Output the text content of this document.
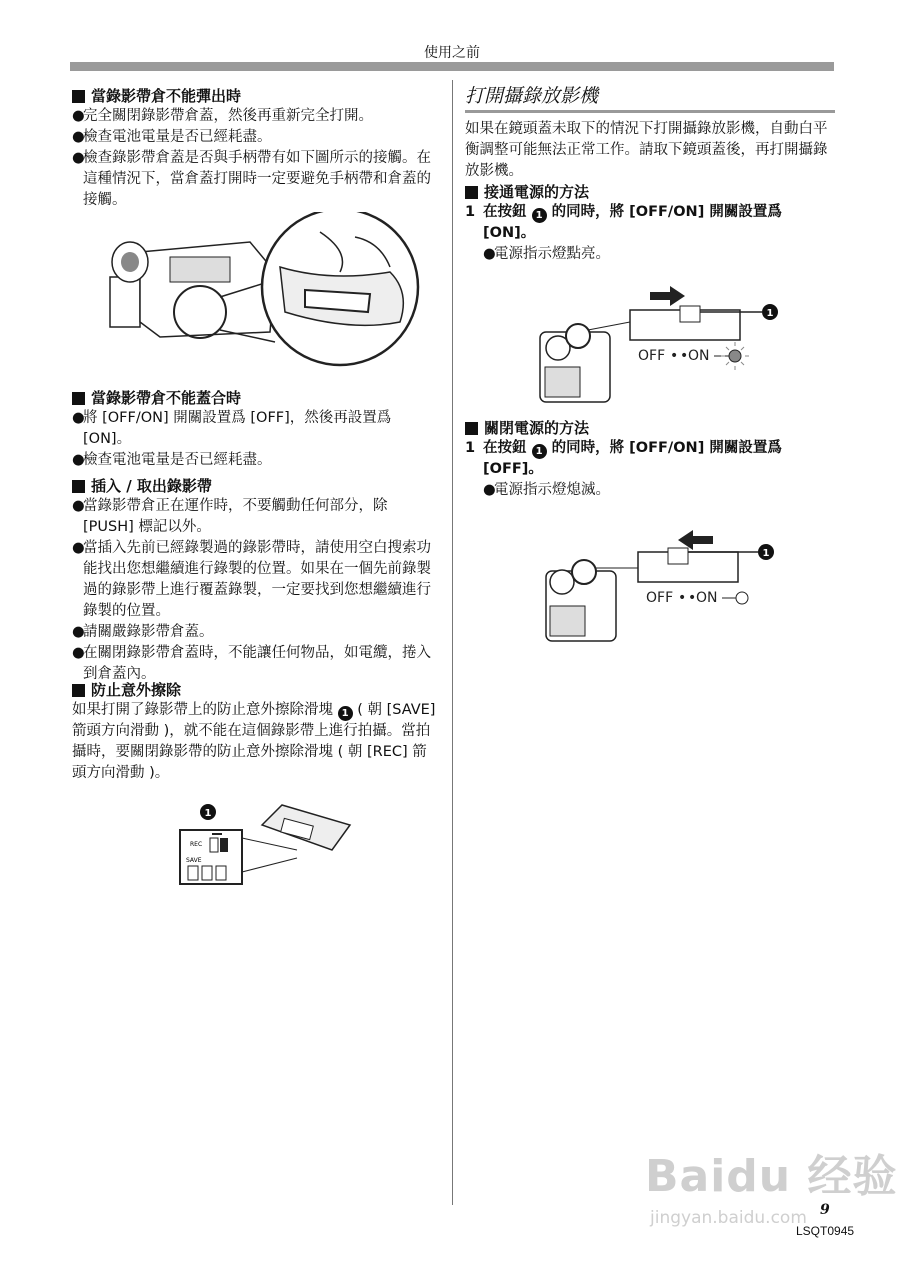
使用之前
當錄影帶倉不能彈出時
●
完全關閉錄影帶倉蓋，然後再重新完全打開。
●
檢查電池電量是否已經耗盡。
●
檢查錄影帶倉蓋是否與手柄帶有如下圖所示的接觸。在這種情況下，當倉蓋打開時一定要避免手柄帶和倉蓋的接觸。
當錄影帶倉不能蓋合時
●
將 [OFF/ON] 開關設置爲 [OFF]，然後再設置爲 [ON]。
●
檢查電池電量是否已經耗盡。
插入 / 取出錄影帶
●
當錄影帶倉正在運作時，不要觸動任何部分，除 [PUSH] 標記以外。
●
當插入先前已經錄製過的錄影帶時，請使用空白搜索功能找出您想繼續進行錄製的位置。如果在一個先前錄製過的錄影帶上進行覆蓋錄製，一定要找到您想繼續進行錄製的位置。
●
請關嚴錄影帶倉蓋。
●
在關閉錄影帶倉蓋時，不能讓任何物品，如電纜，捲入到倉蓋內。
防止意外擦除

如果打開了錄影帶上的防止意外擦除滑塊 1 ( 朝 [SAVE] 箭頭方向滑動 )，就不能在這個錄影帶上進行拍攝。當拍攝時，要關閉錄影帶的防止意外擦除滑塊 ( 朝 [REC] 箭頭方向滑動 )。

1
REC
SAVE
打開攝錄放影機

如果在鏡頭蓋未取下的情況下打開攝錄放影機，自動白平衡調整可能無法正常工作。請取下鏡頭蓋後，再打開攝錄放影機。

接通電源的方法
1 在按鈕 1 的同時，將 [OFF/ON] 開關設置爲 [ON]。
●
電源指示燈點亮。
1
OFF • • ON
關閉電源的方法
1 在按鈕 1 的同時，將 [OFF/ON] 開關設置爲 [OFF]。
●
電源指示燈熄滅。
1
OFF • • ON
Baidu 经验
jingyan.baidu.com 9
LSQT0945
